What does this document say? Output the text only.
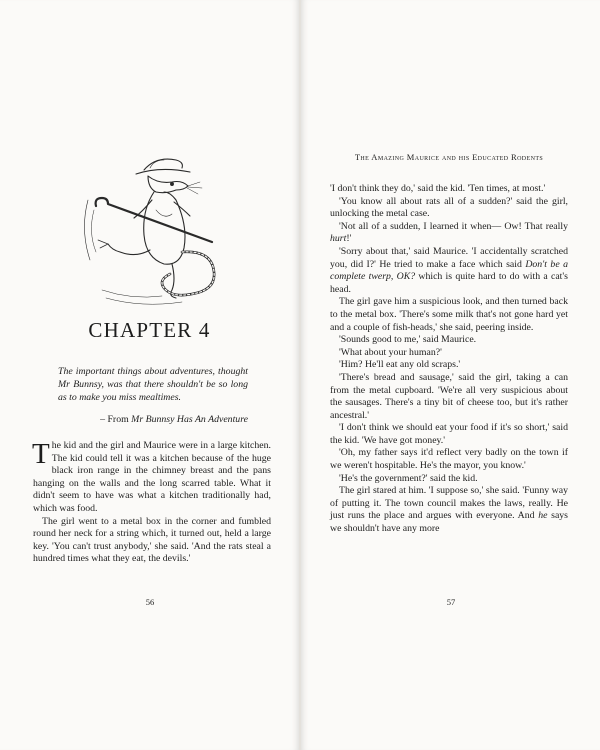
CHAPTER 4
The important things about adventures, thought Mr Bunnsy, was that there shouldn't be so long as to make you miss mealtimes.
– From Mr Bunnsy Has An Adventure

The kid and the girl and Maurice were in a large kitchen. The kid could tell it was a kitchen because of the huge black iron range in the chimney breast and the pans hanging on the walls and the long scarred table. What it didn't seem to have was what a kitchen traditionally had, which was food.

The girl went to a metal box in the corner and fumbled round her neck for a string which, it turned out, held a large key. 'You can't trust anybody,' she said. 'And the rats steal a hundred times what they eat, the devils.'

56
The Amazing Maurice and his Educated Rodents

'I don't think they do,' said the kid. 'Ten times, at most.'

'You know all about rats all of a sudden?' said the girl, unlocking the metal case.

'Not all of a sudden, I learned it when— Ow! That really hurt!'

'Sorry about that,' said Maurice. 'I accidentally scratched you, did I?' He tried to make a face which said Don't be a complete twerp, OK? which is quite hard to do with a cat's head.

The girl gave him a suspicious look, and then turned back to the metal box. 'There's some milk that's not gone hard yet and a couple of fish-heads,' she said, peering inside.

'Sounds good to me,' said Maurice.

'What about your human?'

'Him? He'll eat any old scraps.'

'There's bread and sausage,' said the girl, taking a can from the metal cupboard. 'We're all very suspicious about the sausages. There's a tiny bit of cheese too, but it's rather ancestral.'

'I don't think we should eat your food if it's so short,' said the kid. 'We have got money.'

'Oh, my father says it'd reflect very badly on the town if we weren't hospitable. He's the mayor, you know.'

'He's the government?' said the kid.

The girl stared at him. 'I suppose so,' she said. 'Funny way of putting it. The town council makes the laws, really. He just runs the place and argues with everyone. And he says we shouldn't have any more

57
